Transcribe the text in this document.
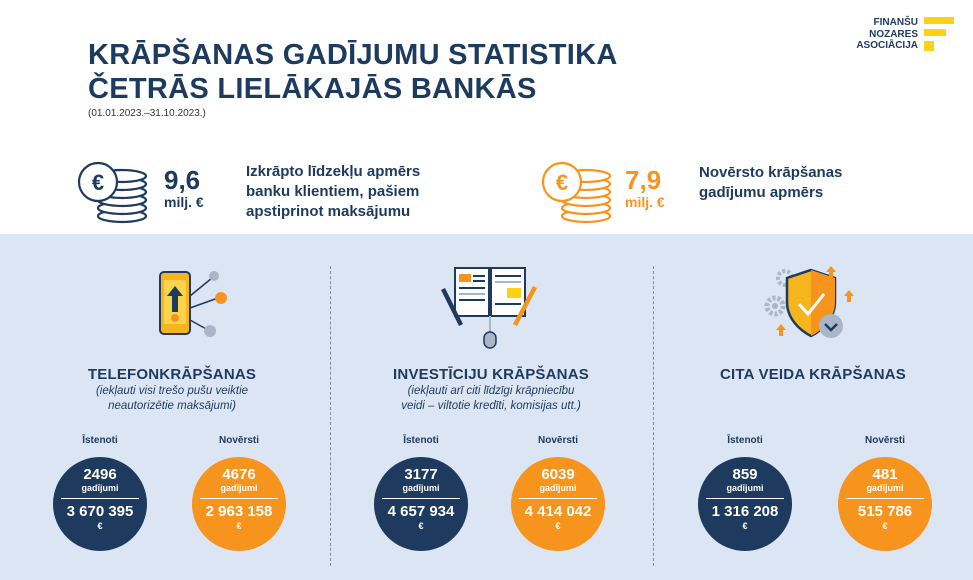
KRĀPŠANAS GADĪJUMU STATISTIKA
ČETRĀS LIELĀKAJĀS BANKĀS
(01.01.2023.–31.10.2023.)
FINANŠU
NOZARES
ASOCIĀCIJA
€ 9,6
milj. €
Izkrāpto līdzekļu apmērs
banku klientiem, pašiem
apstiprinot maksājumu
€ 7,9
milj. €
Novērsto krāpšanas
gadījumu apmērs
TELEFONKRĀPŠANAS
(iekļauti visi trešo pušu veiktie neautorizētie maksājumi)
Īstenoti	Novērsti
2496
gadījumi
3 670 395
€
4676
gadījumi
2 963 158
€
INVESTĪCIJU KRĀPŠANAS
(iekļauti arī citi līdzīgi krāpniecību veidi – viltotie kredīti, komisijas utt.)
Īstenoti	Novērsti
3177
gadījumi
4 657 934
€
6039
gadījumi
4 414 042
€
CITA VEIDA KRĀPŠANAS
Īstenoti	Novērsti
859
gadījumi
1 316 208
€
481
gadījumi
515 786
€
